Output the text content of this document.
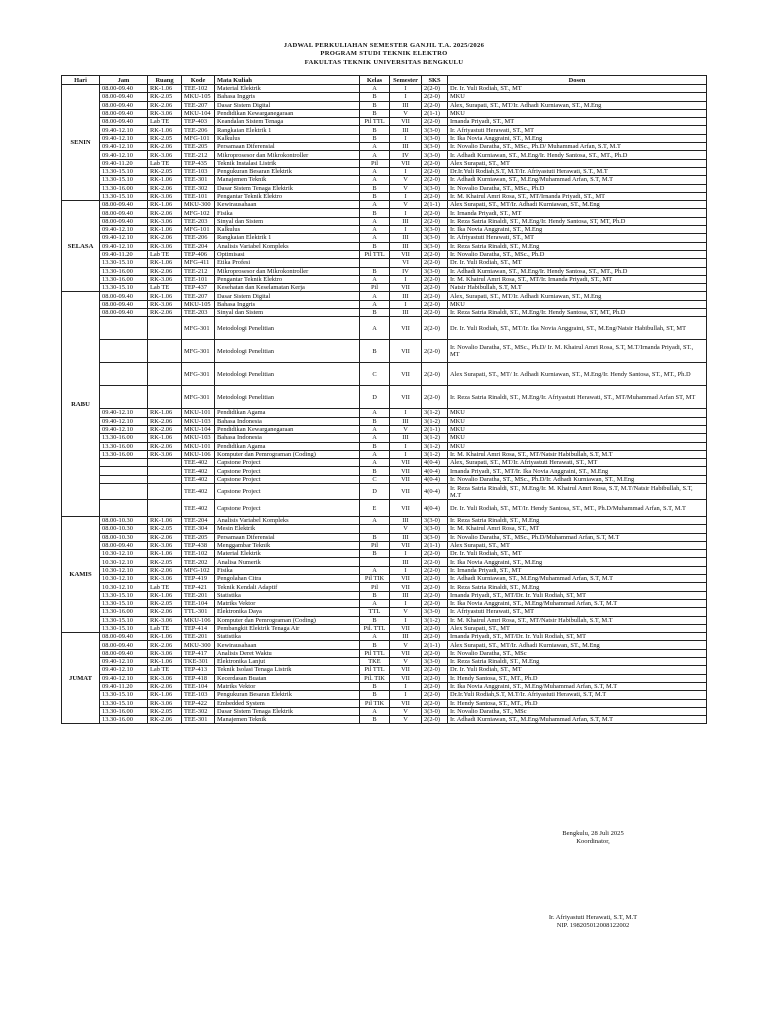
JADWAL PERKULIAHAN SEMESTER GANJIL T.A. 2025/2026
PROGRAM STUDI TEKNIK ELEKTRO
FAKULTAS TEKNIK UNIVERSITAS BENGKULU
Hari	Jam	Ruang	Kode	Mata Kuliah	Kelas	Semester	SKS	Dosen
SENIN	08.00-09.40	RK-1.06	TEE-102	Material Elektrik	A	I	2(2-0)	Dr. Ir. Yuli Rodiah, ST., MT
	08.00-09.40	RK-2.05	MKU-105	Bahasa Inggris	B	I	2(2-0)	MKU
	08.00-09.40	RK-2.06	TEE-207	Dasar Sistem Digital	B	III	2(2-0)	Alex, Surapati, ST., MT/Ir. Adhadi Kurniawan, ST., M.Eng
	08.00-09.40	RK-3.06	MKU-104	Pendidikan Kewarganegaraan	B	V	2(1-1)	MKU
	08.00-09.40	Lab TE	TEP-403	Keandalan Sistem Tenaga	Pil TTL	VII	2(2-0)	Irnanda Priyadi, ST., MT
	09.40-12.10	RK-1.06	TEE-206	Rangkaian Elektrik 1	B	III	3(3-0)	Ir. Afriyastuti Herawati, ST., MT
	09.40-12.10	RK-2.05	MFG-101	Kalkulus	B	I	3(3-0)	Ir. Ika Novia Anggraini, ST., M.Eng
	09.40-12.10	RK-2.06	TEE-205	Persamaan Diferensial	A	III	3(3-0)	Ir. Novalio Daratha, ST., MSc., Ph.D/ Muhammad Arfan, S.T, M.T
	09.40-12.10	RK-3.06	TEE-212	Mikroprosesor dan Mikrokontroller	A	IV	3(3-0)	Ir. Adhadi Kurniawan, ST., M.Eng/Ir. Hendy Santosa, ST., MT., Ph.D
	09.40-11.20	Lab TE	TEP-435	Teknik Instalasi Listrik	Pil	VII	2(2-0)	Alex Surapati, ST., MT
	13.30-15.10	RK-2.05	TEE-103	Pengukuran Besaran Elektrik	A	I	2(2-0)	Dr.Ir.Yuli Rodiah,S.T, M.T/Ir. Afriyastuti Herawati, S.T., M.T
	13.30-15.10	RK-1.06	TEE-301	Manajemen Teknik	A	V	2(2-0)	Ir. Adhadi Kurniawan, ST., M.Eng/Muhammad Arfan, S.T, M.T
	13.30-16.00	RK-2.06	TEE-302	Dasar Sistem Tenaga Elektrik	B	V	3(3-0)	Ir. Novalio Daratha, ST., MSc., Ph.D
	13.30-15.10	RK-3.06	TEE-101	Pengantar Teknik Elektro	B	I	2(2-0)	Ir. M. Khairul Amri Rosa, ST., MT/Irnanda Priyadi, ST., MT
SELASA	08.00-09.40	RK-1.06	MKU-300	Kewirausahaan	A	V	2(1-1)	Alex Surapati, ST., MT/Ir. Adhadi Kurniawan, ST., M.Eng
	08.00-09.40	RK-2.06	MFG-102	Fisika	B	I	2(2-0)	Ir. Irnanda Priyadi, ST., MT
	08.00-09.40	RK-3.06	TEE-203	Sinyal dan Sistem	A	III	2(2-0)	Ir. Reza Satria Rinaldi, ST., M.Eng/Ir. Hendy Santosa, ST, MT, Ph.D
	09.40-12.10	RK-1.06	MFG-101	Kalkulus	A	I	3(3-0)	Ir. Ika Novia Anggraini, ST., M.Eng
	09.40-12.10	RK-2.06	TEE-206	Rangkaian Elektrik 1	A	III	3(3-0)	Ir. Afriyastuti Herawati, ST., MT
	09.40-12.10	RK-3.06	TEE-204	Analisis Variabel Kompleks	B	III	3(3-0)	Ir. Reza Satria Rinaldi, ST., M.Eng
	09.40-11.20	Lab TE	TEP-406	Optimisasi	Pil TTL	VII	2(2-0)	Ir. Novalio Daratha, ST., MSc., Ph.D
	13.30-15.10	RK-1.06	MFG-411	Etika Profesi		VI	2(2-0)	Dr. Ir. Yuli Rodiah, ST., MT
	13.30-16.00	RK-2.06	TEE-212	Mikroprosesor dan Mikrokontroller	B	IV	3(3-0)	Ir. Adhadi Kurniawan, ST., M.Eng/Ir. Hendy Santosa, ST., MT., Ph.D
	13.30-16.00	RK-3.06	TEE-101	Pengantar Teknik Elektro	A	I	2(2-0)	Ir. M. Khairul Amri Rosa, ST., MT/Ir. Irnanda Priyadi, ST., MT
	13.30-15.10	Lab TE	TEP-437	Kesehatan dan Keselamatan Kerja	Pil	VII	2(2-0)	Natsir Habibullah, S.T, M.T
RABU	08.00-09.40	RK-1.06	TEE-207	Dasar Sistem Digital	A	III	2(2-0)	Alex, Surapati, ST., MT/Ir. Adhadi Kurniawan, ST., M.Eng
	08.00-09.40	RK-3.06	MKU-105	Bahasa Inggris	A	I	2(2-0)	MKU
	08.00-09.40	RK-2.06	TEE-203	Sinyal dan Sistem	B	III	2(2-0)	Ir. Reza Satria Rinaldi, ST., M.Eng/Ir. Hendy Santosa, ST, MT, Ph.D
			MFG-301	Metodologi Penelitian	A	VII	2(2-0)	Dr. Ir. Yuli Rodiah, ST., MT/Ir. Ika Novia Anggraini, ST., M.Eng/Natsir Habibullah, ST, MT
			MFG-301	Metodologi Penelitian	B	VII	2(2-0)	Ir. Novalio Daratha, ST., MSc., Ph.D/ Ir. M. Khairul Amri Rosa, S.T, M.T/Irnanda Priyadi, ST., MT
			MFG-301	Metodologi Penelitian	C	VII	2(2-0)	Alex Surapati, ST., MT/ Ir. Adhadi Kurniawan, ST., M.Eng/Ir. Hendy Santosa, ST., MT., Ph.D
			MFG-301	Metodologi Penelitian	D	VII	2(2-0)	Ir. Reza Satria Rinaldi, ST., M.Eng/Ir. Afriyastuti Herawati, ST., MT/Muhammad Arfan ST, MT
	09.40-12.10	RK-1.06	MKU-101	Pendidikan Agama	A	I	3(1-2)	MKU
	09.40-12.10	RK-2.06	MKU-103	Bahasa Indonesia	B	III	3(1-2)	MKU
	09.40-12.10	RK-2.06	MKU-104	Pendidikan Kewarganegaraan	A	V	2(1-1)	MKU
	13.30-16.00	RK-1.06	MKU-103	Bahasa Indonesia	A	III	3(1-2)	MKU
	13.30-16.00	RK-2.06	MKU-101	Pendidikan Agama	B	I	3(1-2)	MKU
	13.30-16.00	RK-3.06	MKU-106	Komputer dan Pemrograman (Coding)	A	I	3(1-2)	Ir. M. Khairul Amri Rosa, ST., MT/Natsir Habibullah, S.T, M.T
			TEE-402	Capstone Project	A	VII	4(0-4)	Alex, Surapati, ST., MT/Ir. Afriyastuti Herawati, ST., MT
			TEE-402	Capstone Project	B	VII	4(0-4)	Irnanda Priyadi, ST., MT/Ir. Ika Novia Anggraini, ST., M.Eng
			TEE-402	Capstone Project	C	VII	4(0-4)	Ir. Novalio Daratha, ST., MSc., Ph.D/Ir. Adhadi Kurniawan, ST., M.Eng
			TEE-402	Capstone Project	D	VII	4(0-4)	Ir. Reza Satria Rinaldi, ST., M.Eng/Ir. M. Khairul Amri Rosa, S.T, M.T/Natsir Habibullah, S.T, M.T
			TEE-402	Capstone Project	E	VII	4(0-4)	Dr. Ir. Yuli Rodiah, ST., MT/Ir. Hendy Santosa, ST., MT., Ph.D/Muhammad Arfan, S.T, M.T
KAMIS	08.00-10.30	RK-1.06	TEE-204	Analisis Variabel Kompleks	A	III	3(3-0)	Ir. Reza Satria Rinaldi, ST., M.Eng
	08.00-10.30	RK-2.05	TEE-304	Mesin Elektrik		V	3(3-0)	Ir. M. Khairul Amri Rosa, ST., MT
	08.00-10.30	RK-2.06	TEE-205	Persamaan Diferensial	B	III	3(3-0)	Ir. Novalio Daratha, ST., MSc., Ph.D/Muhammad Arfan, S.T, M.T
	08.00-09.40	RK-3.06	TEP-438	Menggambar Teknik	Pil	VII	2(1-1)	Alex Surapati, ST., MT
	10.30-12.10	RK-1.06	TEE-102	Material Elektrik	B	I	2(2-0)	Dr. Ir. Yuli Rodiah, ST., MT
	10.30-12.10	RK-2.05	TEE-202	Analisa Numerik		III	2(2-0)	Ir. Ika Novia Anggraini, ST., M.Eng
	10.30-12.10	RK-2.06	MFG-102	Fisika	A	I	2(2-0)	Ir. Irnanda Priyadi, ST., MT
	10.30-12.10	RK-3.06	TEP-419	Pengolahan Citra	Pil TIK	VII	2(2-0)	Ir. Adhadi Kurniawan, ST., M.Eng/Muhammad Arfan, S.T, M.T
	10.30-12.10	Lab TE	TEP-421	Teknik Kendali Adaptif	Pil	VII	2(2-0)	Ir. Reza Satria Rinaldi, ST., M.Eng
	13.30-15.10	RK-1.06	TEE-201	Statistika	B	III	2(2-0)	Irnanda Priyadi, ST., MT/Dr. Ir. Yuli Rodiah, ST, MT
	13.30-15.10	RK-2.05	TEE-104	Matriks Vektor	A	I	2(2-0)	Ir. Ika Novia Anggraini, ST., M.Eng/Muhammad Arfan, S.T, M.T
	13.30-16.00	RK-2.06	TTL-301	Elektronika Daya	TTL	V	3(3-0)	Ir. Afriyastuti Herawati, ST., MT
	13.30-15.10	RK-3.06	MKU-106	Komputer dan Pemrograman (Coding)	B	I	3(1-2)	Ir. M. Khairul Amri Rosa, ST., MT/Natsir Habibullah, S.T, M.T
	13.30-15.10	Lab TE	TEP-414	Pembangkit Elektrik Tenaga Air	Pil. TTL	VII	2(2-0)	Alex Surapati, ST., MT
JUMAT	08.00-09.40	RK-1.06	TEE-201	Statistika	A	III	2(2-0)	Irnanda Priyadi, ST., MT/Dr. Ir. Yuli Rodiah, ST, MT
	08.00-09.40	RK-2.06	MKU-300	Kewirausahaan	B	V	2(1-1)	Alex Surapati, ST., MT/Ir. Adhadi Kurniawan, ST., M.Eng
	08.00-09.40	RK-3.06	TEP-417	Analisis Deret Waktu	Pil TTL	VII	2(2-0)	Ir. Novalio Daratha, ST., MSc
	09.40-12.10	RK-1.06	TKE-301	Elektronika Lanjut	TKE	V	3(3-0)	Ir. Reza Satria Rinaldi, ST., M.Eng
	09.40-12.10	Lab TE	TEP-413	Teknik Isolasi Tenaga Listrik	Pil TTL	VII	2(2-0)	Dr. Ir. Yuli Rodiah, ST., MT
	09.40-12.10	RK-3.06	TEP-418	Kecerdasan Buatan	Pil. TIK	VII	2(2-0)	Ir. Hendy Santosa, ST., MT., Ph.D
	09.40-11.20	RK-2.06	TEE-104	Matriks Vektor	B	I	2(2-0)	Ir. Ika Novia Anggraini, ST., M.Eng/Muhammad Arfan, S.T, M.T
	13.30-15.10	RK-1.06	TEE-103	Pengukuran Besaran Elektrik	B	I	2(2-0)	Dr.Ir.Yuli Rodiah,S.T, M.T/Ir. Afriyastuti Herawati, S.T, M.T
	13.30-15.10	RK-3.06	TEP-422	Embedded System	Pil TIK	VII	2(2-0)	Ir. Hendy Santosa, ST., MT., Ph.D
	13.30-16.00	RK-2.05	TEE-302	Dasar Sistem Tenaga Elektrik	A	V	3(3-0)	Ir. Novalio Daratha, ST., MSc
	13.30-16.00	RK-2.06	TEE-301	Manajemen Teknik	B	V	2(2-0)	Ir. Adhadi Kurniawan, ST., M.Eng/Muhammad Arfan, S.T, M.T
Bengkulu, 28 Juli 2025
Koordinator,
Ir. Afriyastuti Herawati, S.T, M.T
NIP. 198205012008122002
